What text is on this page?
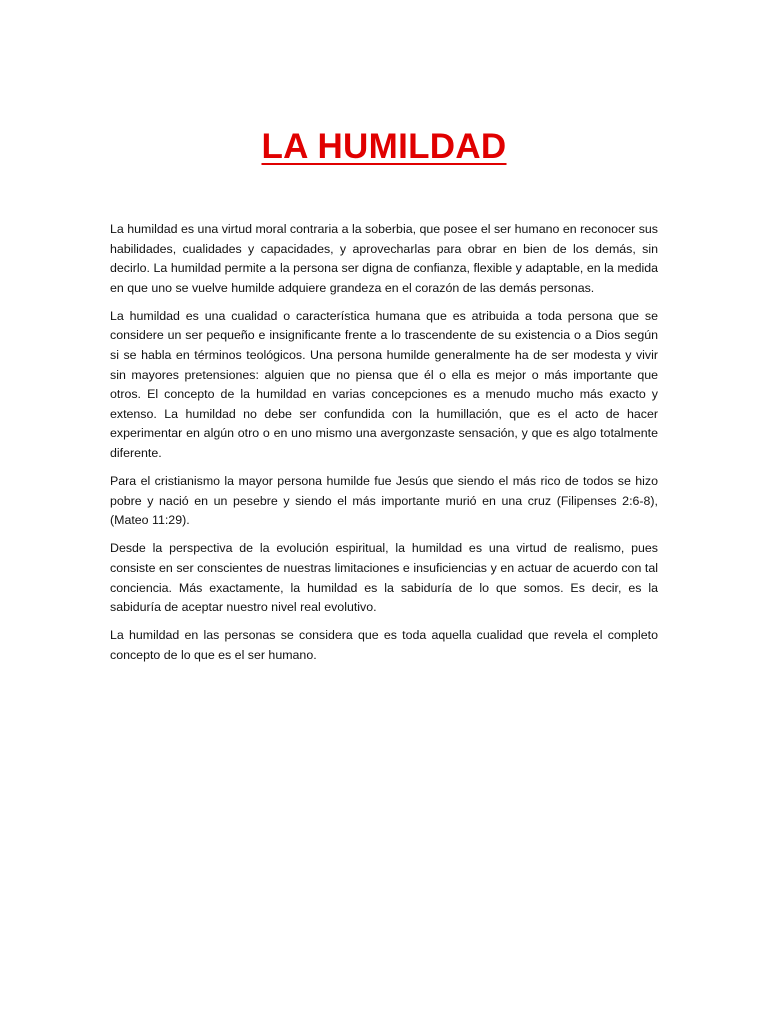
LA HUMILDAD

La humildad es una virtud moral contraria a la soberbia, que posee el ser humano en reconocer sus habilidades, cualidades y capacidades, y aprovecharlas para obrar en bien de los demás, sin decirlo. La humildad permite a la persona ser digna de confianza, flexible y adaptable, en la medida en que uno se vuelve humilde adquiere grandeza en el corazón de las demás personas.

La humildad es una cualidad o característica humana que es atribuida a toda persona que se considere un ser pequeño e insignificante frente a lo trascendente de su existencia o a Dios según si se habla en términos teológicos. Una persona humilde generalmente ha de ser modesta y vivir sin mayores pretensiones: alguien que no piensa que él o ella es mejor o más importante que otros. El concepto de la humildad en varias concepciones es a menudo mucho más exacto y extenso. La humildad no debe ser confundida con la humillación, que es el acto de hacer experimentar en algún otro o en uno mismo una avergonzaste sensación, y que es algo totalmente diferente.

Para el cristianismo la mayor persona humilde fue Jesús que siendo el más rico de todos se hizo pobre y nació en un pesebre y siendo el más importante murió en una cruz (Filipenses 2:6-8), (Mateo 11:29).

Desde la perspectiva de la evolución espiritual, la humildad es una virtud de realismo, pues consiste en ser conscientes de nuestras limitaciones e insuficiencias y en actuar de acuerdo con tal conciencia. Más exactamente, la humildad es la sabiduría de lo que somos. Es decir, es la sabiduría de aceptar nuestro nivel real evolutivo.

La humildad en las personas se considera que es toda aquella cualidad que revela el completo concepto de lo que es el ser humano.
